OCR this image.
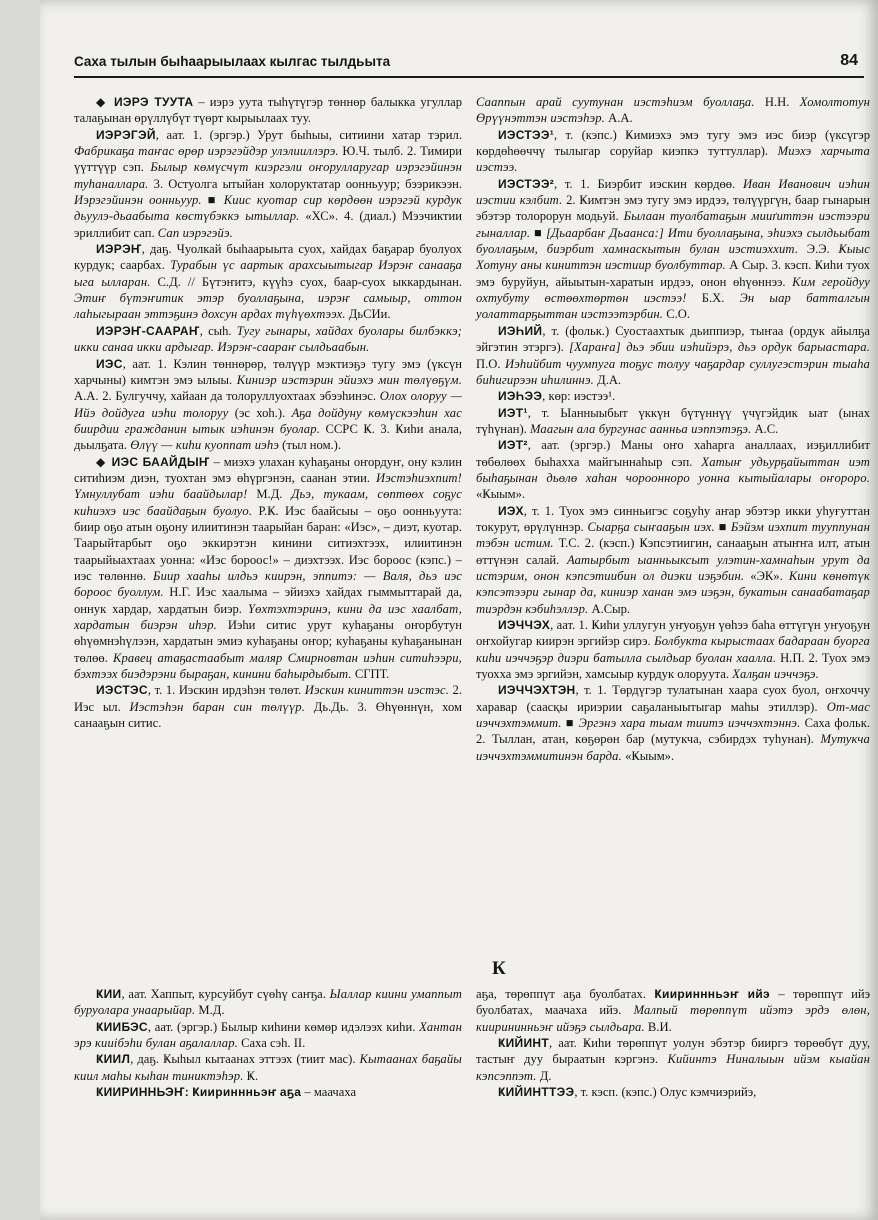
Саха тылын быһаарыылаах кылгас тылдьыта	84

◆ ИЭРЭ ТУУТА – иэрэ уута тыһүтүгэр төннөр балыкка угуллар талаҕынан өрүллүбүт түөрт кырыылаах туу.

ИЭРЭГЭЙ, аат. 1. (эргэр.) Урут быһыы, ситиини хатар тэрил. Фабрикаҕа таҥас өрөр иэрэгэйдэр улэлииллэрэ. Ю.Ч. тылб. 2. Тимири үүттүүр сэп. Былыр көмүсчүт киэргэли оҥорулларугар иэрэгэйинэн туһаналлара. 3. Остуолга ытыйан холоруктатар оонньуур; бээрикээн. Иэрэгэйинэн оонньуур. ■ Кииc куотар сир көрдөөн иэрэгэй курдук дьуулэ-дьаабыта көстүбэккэ ытыллар. «ХС». 4. (диал.) Мээчиктии эриллибит сап. Сап иэрэгэйэ.

ИЭРЭҤ, даҕ. Чуолкай быһаарыыта суох, хайдах баҕарар буолуох курдук; саарбах. Турабын үс аартык арахсыытыгар Иэрэҥ санааҕа ыга ылларан. С.Д. // Бүтэҥитэ, күүһэ суох, баар-суох ыккардынан. Этиҥ бүтэҥитик этэр буоллаҕына, иэрэҥ самыыр, оттон лаһыгыраан эттэҕинэ дохсун ардах түһүөхтээх. ДьСИи.

ИЭРЭҤ-СААРАҤ, сыһ. Тугу гынары, хайдах буолары билбэккэ; икки санаа икки ардыгар. Иэрэҥ-саараҥ сылдьаабын.

ИЭС, аат. 1. Кэлин төннөрөр, төлүүр мэктиэҕэ тугу эмэ (үксүн харчыны) кимтэн эмэ ылыы. Киниэр иэстэрин эйиэхэ мин төлүөҕүм. А.А. 2. Булгуччу, хайаан да толоруллуохтаах эбээһинэс. Олох олоруу — Ийэ дойдуга иэһи толоруу (эс хоһ.). Аҕа дойдуну көмүскээһин хас биирдии гражданин ытык иэһинэн буолар. ССРС Ҝ. 3. Ҝиһи анала, дьылҕата. Өлүү — киһи куоппат иэһэ (тыл ном.).

◆ ИЭС БААЙДЫҤ – миэхэ улахан куһаҕаны оҥордуҥ, ону кэлин ситиһиэм диэн, туохтан эмэ өһүргэнэн, саанан этии. Иэстэһиэхпит! Үмнуллубат иэһи баайдылар! М.Д. Дьэ, тукаам, сөптөөх соҕус киһиэхэ иэс баайдаҕын буолуо. Р.Ҝ. Иэс баайсыы – оҕо оонньуута: биир оҕо атын оҕону илиитинэн таарыйан баран: «Иэс», – диэт, куотар. Таарыйтарбыт оҕо эккирэтэн кинини ситиэхтээх, илиитинэн таарыйыахтаах уонна: «Иэс бороос!» – диэхтээх. Иэс бороос (кэпс.) – иэс төлөннө. Биир хааһы илдьэ киирэн, эппитэ: — Валя, дьэ иэс бороос буоллум. Н.Г. Иэс хаалыма – эйиэхэ хайдах гыммыттарай да, оннук хардар, хардатын биэр. Үөхтэхтэринэ, кини да иэс хаалбат, хардатын биэрэн иһэр. Иэһи ситис урут куһаҕаны оҥорбутун өһүөмнэһүлээн, хардатын эмиэ куһаҕаны оҥор; куһаҕаны куһаҕанынан төлөө. Кравец атаҕастаабыт маляр Смирновтан иэһин ситиһээри, бэхтээх биэдэрэни быраҕан, кинини баһырдыбыт. СГПТ.

ИЭСТЭС, т. 1. Иэскин ирдэһэн төлөт. Иэскин киниттэн иэстэс. 2. Иэс ыл. Иэстэһэн баран син төлүүр. Дь.Дь. 3. Өһүөннүн, хом санааҕын ситис.

Сааппын арай суутунан иэстэһиэм буоллаҕа. Н.Н. Хомолтотун Өрүүнэттэн иэстэһэр. А.А.

ИЭСТЭЭ¹, т. (кэпс.) Ҝимиэхэ эмэ тугу эмэ иэс биэр (үксүгэр көрдөһөөччү тылыгар соруйар киэпкэ туттуллар). Миэхэ харчыта иэстээ.

ИЭСТЭЭ², т. 1. Биэрбит иэскин көрдөө. Иван Иванович иэһин иэстии кэлбит. 2. Ҝимтэн эмэ тугу эмэ ирдээ, төлүүргүн, баар гынарын эбэтэр толорорун модьуй. Былаан туолбатаҕын мииґиттэн иэстээри гыналлар. ■ [Дьаарбаҥ Дьаанса:] Ити буоллаҕына, эһиэхэ сылдьыбат буоллаҕым, биэрбит хамнаскытын булан иэстиэххит. Э.Э. Ҝыыс Хотуну аны киниттэн иэстиир буолбуттар. А Сыр. 3. кэсп. Ҝиһи туох эмэ буруйун, айыытын-харатын ирдээ, онон өһүөннээ. Ким геройдуу охтубуту өстөөхтөртөн иэстээ! Б.Х. Эн ыар батталгын уолаттарҕыттан иэстээтэрбин. С.О.

ИЭҺИЙ, т. (фольк.) Суостаахтык дьиппиэр, тыҥаа (ордук айылҕа эйгэтин этэргэ). [Хараҥа] дьэ эбии иэһийэрэ, дьэ ордук барыастара. П.О. Иэһийбит чуумпуга тоҕус толуу чаҕардар суллугэстэрин тыаһа биһигирээн иһилиннэ. Д.А.

ИЭҺЭЭ, көр: иэстээ¹.

ИЭТ¹, т. Ыанныыбыт үккүн бүтүннүү үчүгэйдик ыат (ынах түһүнан). Маагын ала бургунас аанньа иэппэтэҕэ. А.С.

ИЭТ², аат. (эргэр.) Маны оҥо хаһарга аналлаах, иэҕиллибит төбөлөөх быһахха майгыннаһыр сэп. Хатыҥ удьурҕайыттан иэт быһаҕынан дьөлө хаһан чороонноро уонна кытыйалары оҥороро. «Ҝыым».

ИЭХ, т. 1. Туох эмэ синньигэс соҕуһу аҥар эбэтэр икки уһуғуттан токурут, өрүлүннэр. Сыарҕа сыҥааҕын иэх. ■ Бэйэм иэхпит тууппунан тэбэн истим. Т.С. 2. (кэсп.) Ҝэпсэтиигин, санааҕын атыҥҥа илт, атын өттүнэн салай. Аатырбыт ыанньыксыт улэтин-хамнаһын урут да истэрим, онон кэпсэтиибин ол диэки иэҕэбин. «ЭК». Кини көнөтүк кэпсэтээри гынар да, киниэр ханан эмэ иэҕэн, букатын санаабатаҕар тиэрдэн кэбиһэллэр. А.Сыр.

ИЭЧЧЭХ, аат. 1. Ҝиһи уллугун уҥуоҕун үөһээ баһа өттүгүн уҥуоҕун оҥхойугар киирэн эргийэр сирэ. Болбукта кырыстаах бадараан буорга киһи иэччэҕэр диэри батылла сылдьар буолан хаалла. Н.П. 2. Туох эмэ туохха эмэ эргийэн, хамсыыр курдук олоруута. Халҕан иэччэҕэ.

ИЭЧЧЭХТЭН, т. 1. Төрдүгэр тулатынан хаара суох буол, оҥхоччу харавар (саасқы ириэрии саҕаланыытыгар маһы этиллэр). От-мас иэччэхтэммит. ■ Эргэнэ хара тыам тиитэ иэччэхтэннэ. Саха фольк. 2. Тыллан, атан, көҕөрөн бар (мутукча, сэбирдэх туһунан). Мутукча иэччэхтэммитинэн барда. «Ҝыым».

К

ҜИИ, аат. Хаппыт, курсуйбут сүөһү саҥҕа. Ыаллар киини умаппыт буруолара унаарыйар. М.Д.

ҜИИБЭС, аат. (эргэр.) Былыр киһини көмөр идэлээх киһи. Хантан эрэ кииібэһи булан аҕалаллар. Саха сэһ. II.

ҜИИЛ, даҕ. Ҝыһыл кытаанах эттээх (тиит мас). Кытаанах баҕайы киил маһы кыһан тиниктэһэр. Ҝ.

ҜИИРИННЬЭҤ: Ҝиириннньэҥ аҕа – маачаха

аҕа, төрөппүт аҕа буолбатах. Ҝиириннньэҥ ийэ – төрөппүт ийэ буолбатах, маачаха ийэ. Малпый төрөппүт ийэтэ эрдэ өлөн, киирининньэҥ ийэҕэ сылдьара. В.И.

ҜИЙИНТ, аат. Ҝиһи төрөппүт уолун эбэтэр бииргэ төрөөбүт дуу, тастыҥ дуу быраатын кэргэнэ. Кийинтэ Ниналыын ийэм кыайан кэпсэппэт. Д.

ҜИЙИНТТЭЭ, т. кэсп. (кэпс.) Олус кэмчиэрийэ,
